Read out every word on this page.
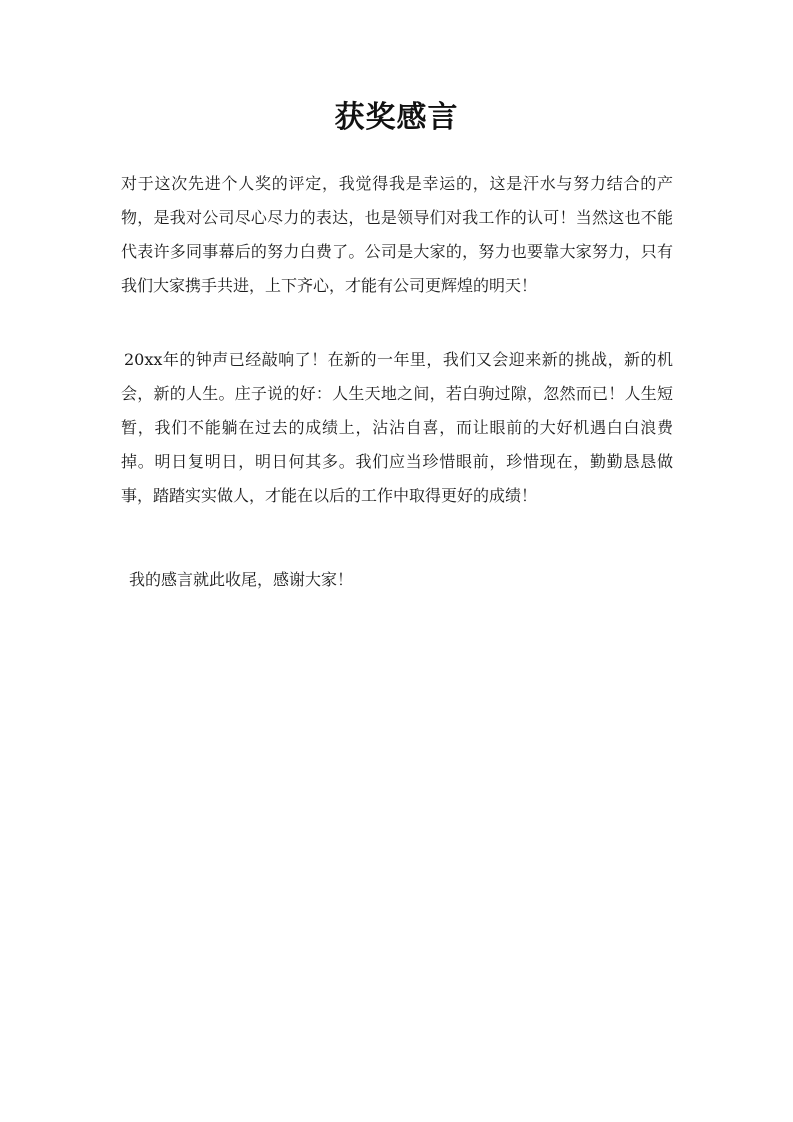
获奖感言

对于这次先进个人奖的评定，我觉得我是幸运的，这是汗水与努力结合的产物，是我对公司尽心尽力的表达，也是领导们对我工作的认可！当然这也不能代表许多同事幕后的努力白费了。公司是大家的，努力也要靠大家努力，只有我们大家携手共进，上下齐心，才能有公司更辉煌的明天！

20xx年的钟声已经敲响了！在新的一年里，我们又会迎来新的挑战，新的机会，新的人生。庄子说的好：人生天地之间，若白驹过隙，忽然而已！人生短暂，我们不能躺在过去的成绩上，沾沾自喜，而让眼前的大好机遇白白浪费掉。明日复明日，明日何其多。我们应当珍惜眼前，珍惜现在，勤勤恳恳做事，踏踏实实做人，才能在以后的工作中取得更好的成绩！

我的感言就此收尾，感谢大家！
